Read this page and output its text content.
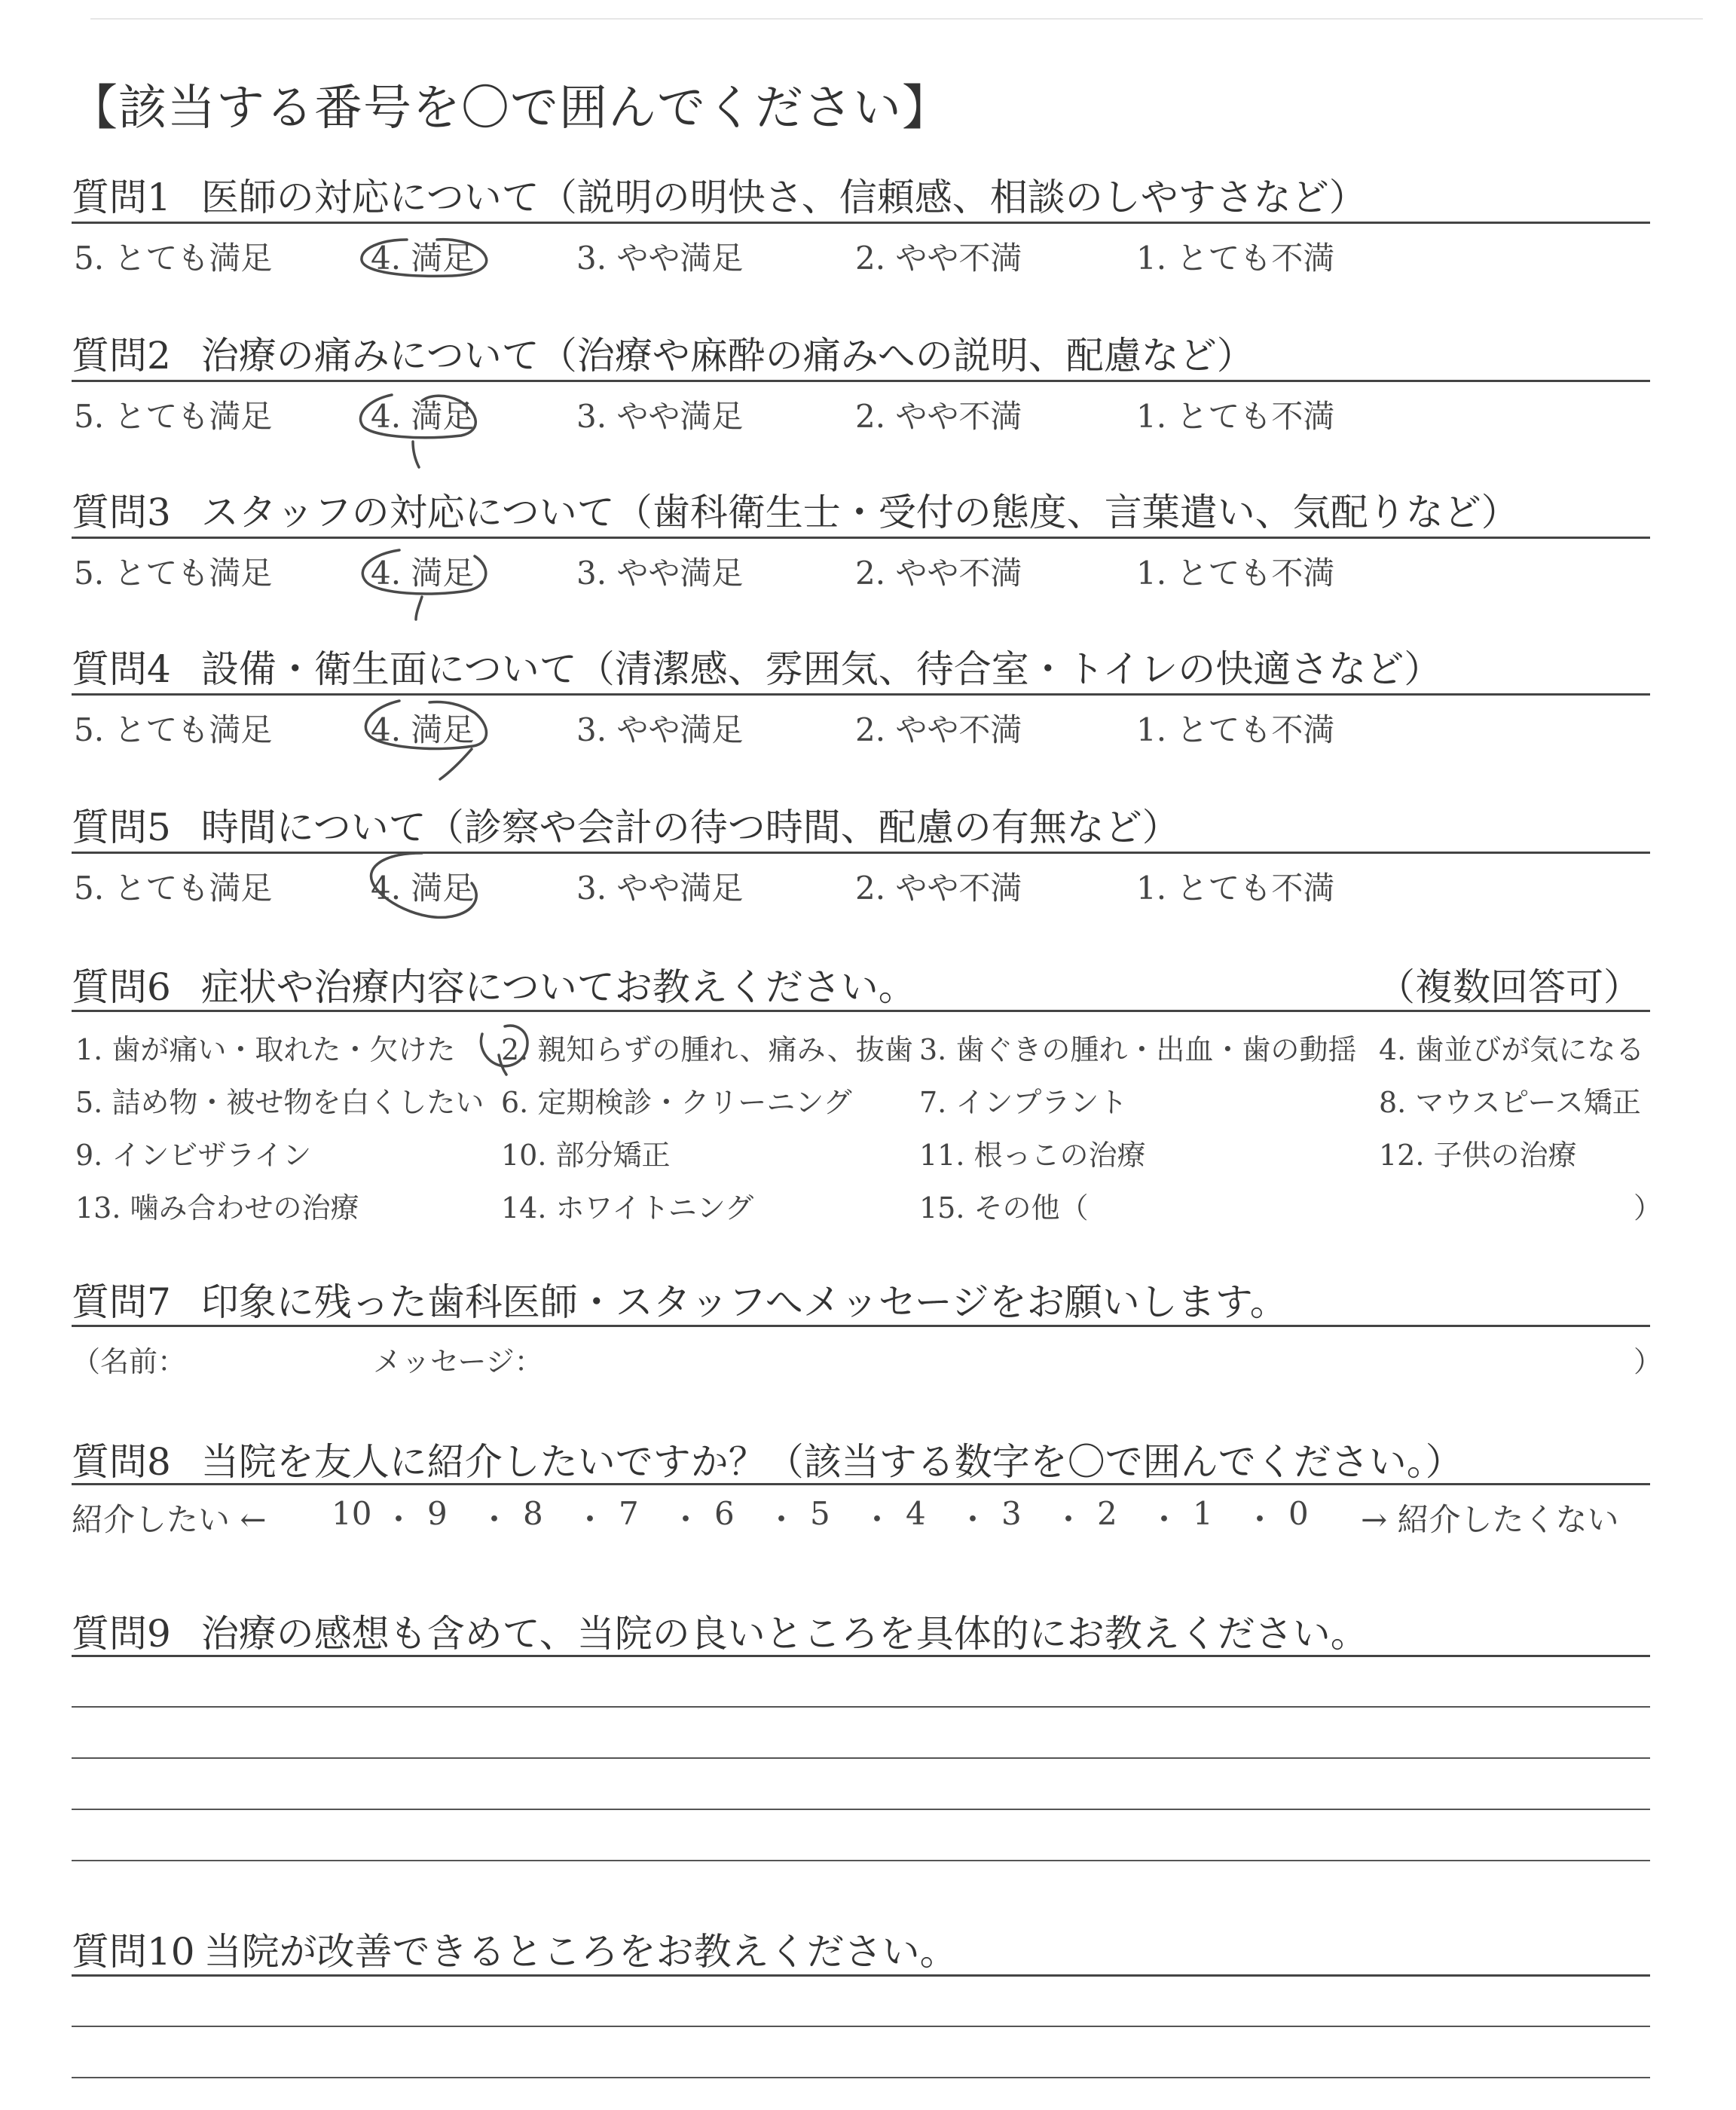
【該当する番号を〇で囲んでください】
質問1 医師の対応について（説明の明快さ、信頼感、相談のしやすさなど）
5. とても満足	4. 満足	3. やや満足	2. やや不満	1. とても不満
質問2 治療の痛みについて（治療や麻酔の痛みへの説明、配慮など）
5. とても満足	4. 満足	3. やや満足	2. やや不満	1. とても不満
質問3 スタッフの対応について（歯科衛生士・受付の態度、言葉遣い、気配りなど）
5. とても満足	4. 満足	3. やや満足	2. やや不満	1. とても不満
質問4 設備・衛生面について（清潔感、雰囲気、待合室・トイレの快適さなど）
5. とても満足	4. 満足	3. やや満足	2. やや不満	1. とても不満
質問5 時間について（診察や会計の待つ時間、配慮の有無など）
5. とても満足	4. 満足	3. やや満足	2. やや不満	1. とても不満
質問6 症状や治療内容についてお教えください。	（複数回答可）
1. 歯が痛い・取れた・欠けた 2. 親知らずの腫れ、痛み、抜歯 3. 歯ぐきの腫れ・出血・歯の動揺 4. 歯並びが気になる
5. 詰め物・被せ物を白くしたい 6. 定期検診・クリーニング 7. インプラント	8. マウスピース矯正
9. インビザライン	10. 部分矯正	11. 根っこの治療	12. 子供の治療
13. 噛み合わせの治療	14. ホワイトニング	15. その他（	）
質問7 印象に残った歯科医師・スタッフへメッセージをお願いします。
（名前：	メッセージ：	）
質問8 当院を友人に紹介したいですか？（該当する数字を〇で囲んでください。）
紹介したい ←	→ 紹介したくない
10 ・ 9 ・ 8 ・ 7 ・ 6 ・ 5 ・ 4 ・ 3 ・ 2 ・ 1 ・ 0
質問9 治療の感想も含めて、当院の良いところを具体的にお教えください。
質問10 当院が改善できるところをお教えください。
